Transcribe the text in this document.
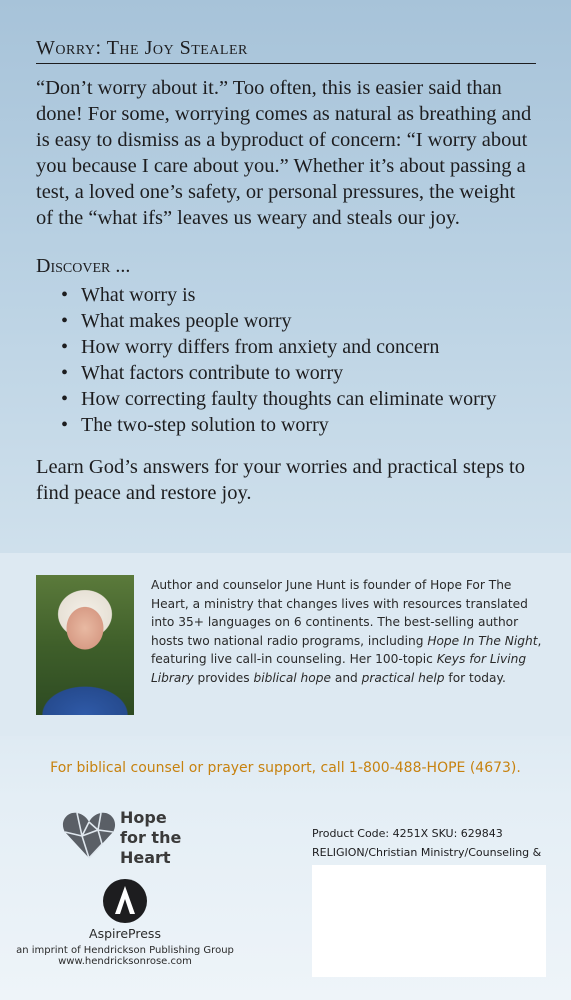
Worry: The Joy Stealer

“Don’t worry about it.” Too often, this is easier said than done! For some, worrying comes as natural as breathing and is easy to dismiss as a byproduct of concern: “I worry about you because I care about you.” Whether it’s about passing a test, a loved one’s safety, or personal pressures, the weight of the “what ifs” leaves us weary and steals our joy.

Discover ...
• What worry is
• What makes people worry
• How worry differs from anxiety and concern
• What factors contribute to worry
• How correcting faulty thoughts can eliminate worry
• The two-step solution to worry

Learn God’s answers for your worries and practical steps to find peace and restore joy.

Author and counselor June Hunt is founder of Hope For The Heart, a ministry that changes lives with resources translated into 35+ languages on 6 continents. The best-selling author hosts two national radio programs, including Hope In The Night, featuring live call-in counseling. Her 100-topic Keys for Living Library provides biblical hope and practical help for today.
For biblical counsel or prayer support, call 1-800-488-HOPE (4673).
Hope
for the
Heart
AspirePress
an imprint of Hendrickson Publishing Group
www.hendricksonrose.com
Product Code: 4251X SKU: 629843
RELIGION/Christian Ministry/Counseling &
